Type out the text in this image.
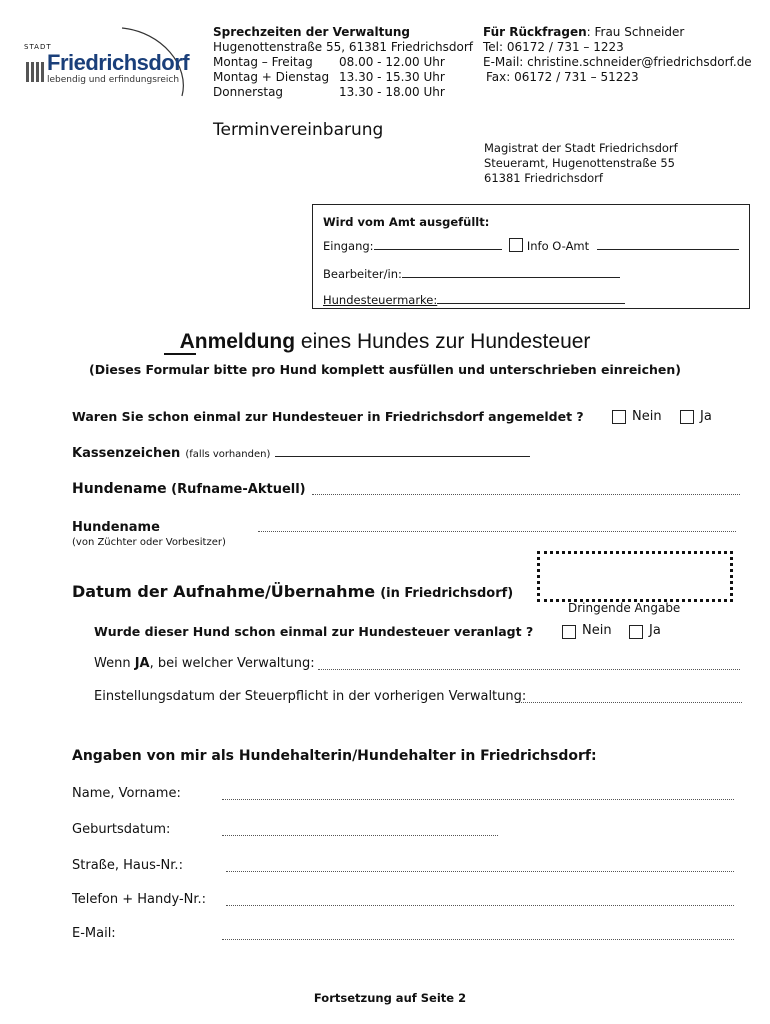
STADT
Friedrichsdorf
lebendig und erfindungsreich
Sprechzeiten der Verwaltung
Hugenottenstraße 55, 61381 Friedrichsdorf
Montag – Freitag 08.00 - 12.00 Uhr
Montag + Dienstag 13.30 - 15.30 Uhr
Donnerstag	13.30 - 18.00 Uhr
Für Rückfragen: Frau Schneider
Tel: 06172 / 731 – 1223
E-Mail: christine.schneider@friedrichsdorf.de
Fax: 06172 / 731 – 51223
Terminvereinbarung
Magistrat der Stadt Friedrichsdorf
Steueramt, Hugenottenstraße 55
61381 Friedrichsdorf
Wird vom Amt ausgefüllt:
Eingang:	Info O-Amt
Bearbeiter/in:
Hundesteuermarke:
Anmeldung eines Hundes zur Hundesteuer
(Dieses Formular bitte pro Hund komplett ausfüllen und unterschrieben einreichen)
Waren Sie schon einmal zur Hundesteuer in Friedrichsdorf angemeldet ?	Nein	Ja
Kassenzeichen (falls vorhanden)
Hundename (Rufname-Aktuell)
Hundename
(von Züchter oder Vorbesitzer)
Datum der Aufnahme/Übernahme (in Friedrichsdorf)
Dringende Angabe
Wurde dieser Hund schon einmal zur Hundesteuer veranlagt ?	Nein	Ja
Wenn JA, bei welcher Verwaltung:
Einstellungsdatum der Steuerpflicht in der vorherigen Verwaltung:
Angaben von mir als Hundehalterin/Hundehalter in Friedrichsdorf:
Name, Vorname:
Geburtsdatum:
Straße, Haus-Nr.:
Telefon + Handy-Nr.:
E-Mail:
Fortsetzung auf Seite 2
